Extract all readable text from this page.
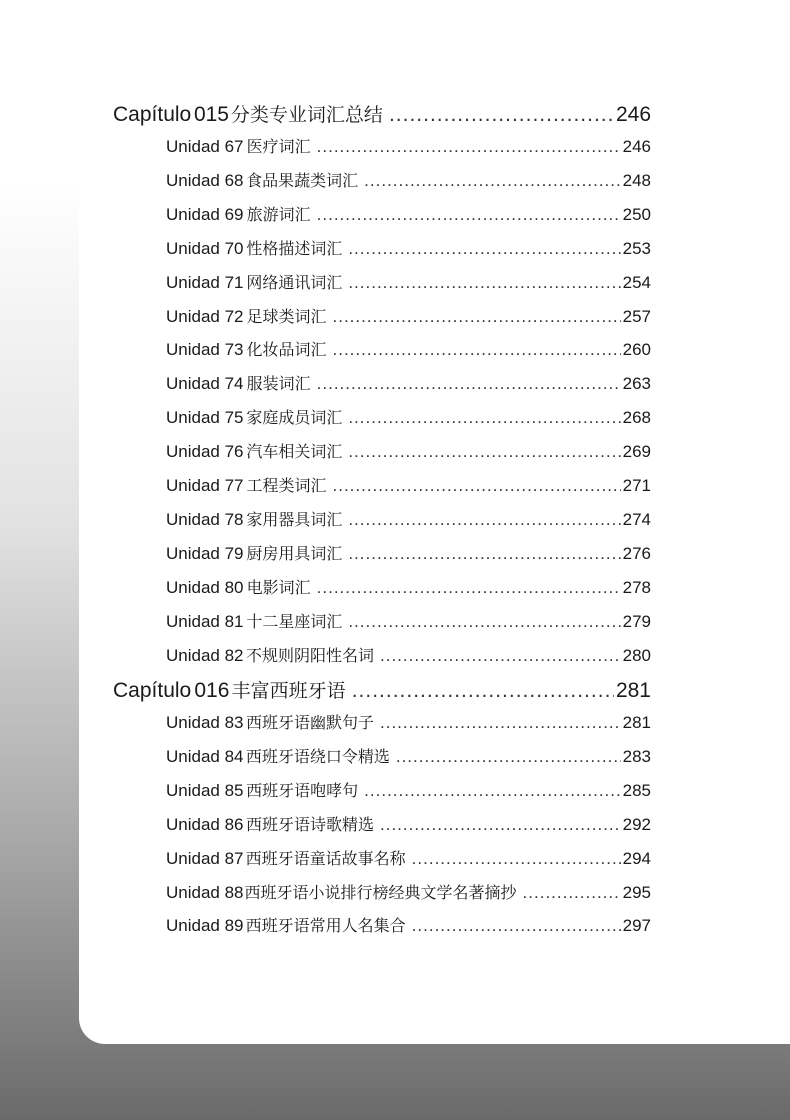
Capítulo 015 分类专业词汇总结 .....	246
Unidad 67 医疗词汇 .....	246
Unidad 68 食品果蔬类词汇 .....	248
Unidad 69 旅游词汇 .....	250
Unidad 70 性格描述词汇 .....	253
Unidad 71 网络通讯词汇 .....	254
Unidad 72 足球类词汇 .....	257
Unidad 73 化妆品词汇 .....	260
Unidad 74 服装词汇 .....	263
Unidad 75 家庭成员词汇 .....	268
Unidad 76 汽车相关词汇 .....	269
Unidad 77 工程类词汇 .....	271
Unidad 78 家用器具词汇 .....	274
Unidad 79 厨房用具词汇 .....	276
Unidad 80 电影词汇 .....	278
Unidad 81 十二星座词汇 .....	279
Unidad 82 不规则阴阳性名词 .....	280
Capítulo 016 丰富西班牙语 .....	281
Unidad 83 西班牙语幽默句子 .....	281
Unidad 84 西班牙语绕口令精选 .....	283
Unidad 85 西班牙语咆哮句 .....	285
Unidad 86 西班牙语诗歌精选 .....	292
Unidad 87 西班牙语童话故事名称 .....	294
Unidad 88 西班牙语小说排行榜经典文学名著摘抄 .....	295
Unidad 89 西班牙语常用人名集合 .....	297
